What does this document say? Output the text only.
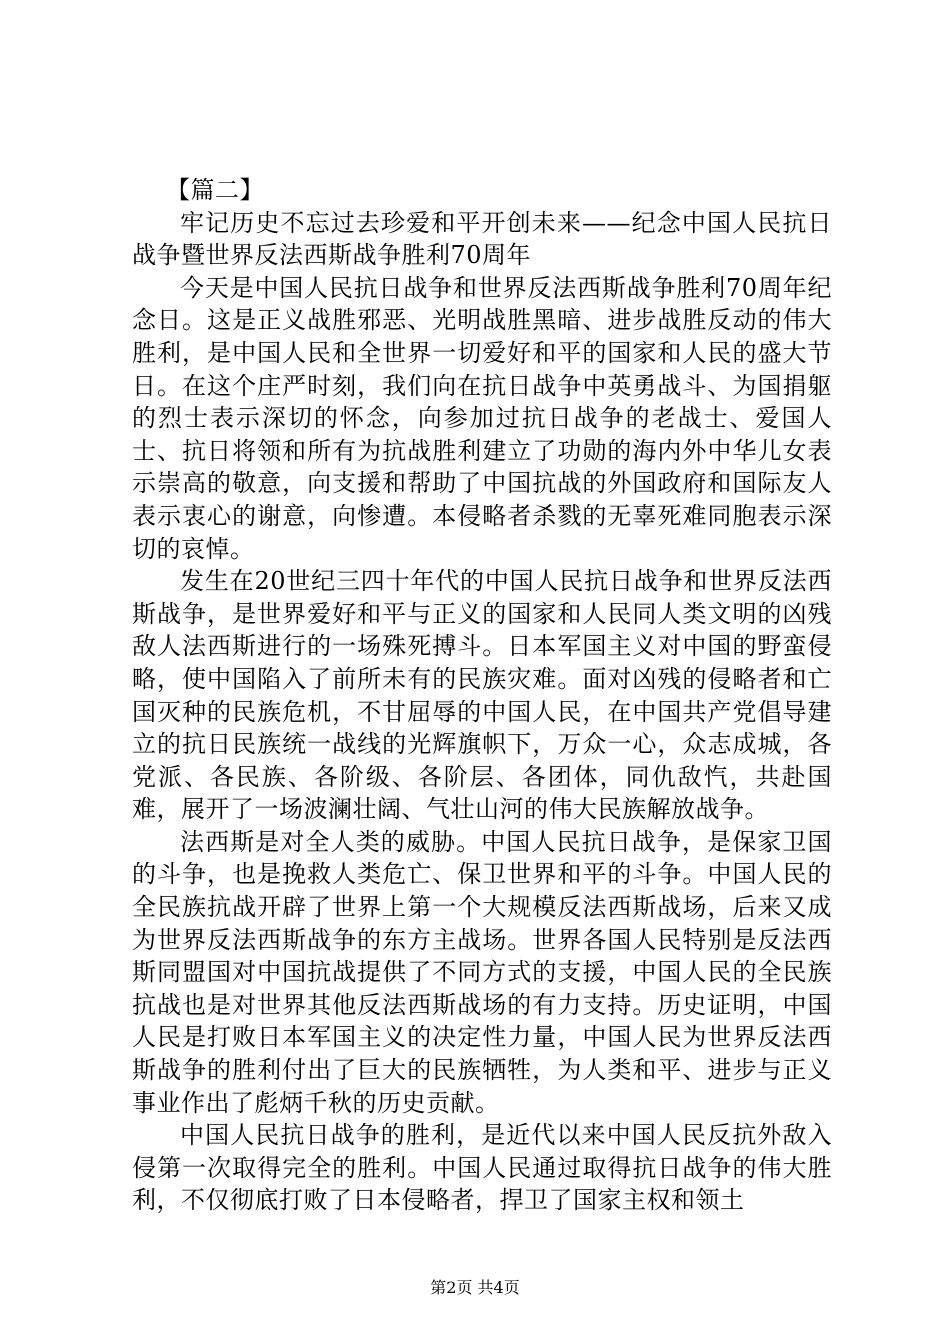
【篇二】

牢记历史不忘过去珍爱和平开创未来——纪念中国人民抗日战争暨世界反法西斯战争胜利70周年

今天是中国人民抗日战争和世界反法西斯战争胜利70周年纪念日。这是正义战胜邪恶、光明战胜黑暗、进步战胜反动的伟大胜利，是中国人民和全世界一切爱好和平的国家和人民的盛大节日。在这个庄严时刻，我们向在抗日战争中英勇战斗、为国捐躯的烈士表示深切的怀念，向参加过抗日战争的老战士、爱国人士、抗日将领和所有为抗战胜利建立了功勋的海内外中华儿女表示崇高的敬意，向支援和帮助了中国抗战的外国政府和国际友人表示衷心的谢意，向惨遭。本侵略者杀戮的无辜死难同胞表示深切的哀悼。

发生在20世纪三四十年代的中国人民抗日战争和世界反法西斯战争，是世界爱好和平与正义的国家和人民同人类文明的凶残敌人法西斯进行的一场殊死搏斗。日本军国主义对中国的野蛮侵略，使中国陷入了前所未有的民族灾难。面对凶残的侵略者和亡国灭种的民族危机，不甘屈辱的中国人民，在中国共产党倡导建立的抗日民族统一战线的光辉旗帜下，万众一心，众志成城，各党派、各民族、各阶级、各阶层、各团体，同仇敌忾，共赴国难，展开了一场波澜壮阔、气壮山河的伟大民族解放战争。

法西斯是对全人类的威胁。中国人民抗日战争，是保家卫国的斗争，也是挽救人类危亡、保卫世界和平的斗争。中国人民的全民族抗战开辟了世界上第一个大规模反法西斯战场，后来又成为世界反法西斯战争的东方主战场。世界各国人民特别是反法西斯同盟国对中国抗战提供了不同方式的支援，中国人民的全民族抗战也是对世界其他反法西斯战场的有力支持。历史证明，中国人民是打败日本军国主义的决定性力量，中国人民为世界反法西斯战争的胜利付出了巨大的民族牺牲，为人类和平、进步与正义事业作出了彪炳千秋的历史贡献。

中国人民抗日战争的胜利，是近代以来中国人民反抗外敌入侵第一次取得完全的胜利。中国人民通过取得抗日战争的伟大胜利，不仅彻底打败了日本侵略者，捍卫了国家主权和领土

第2页 共4页
